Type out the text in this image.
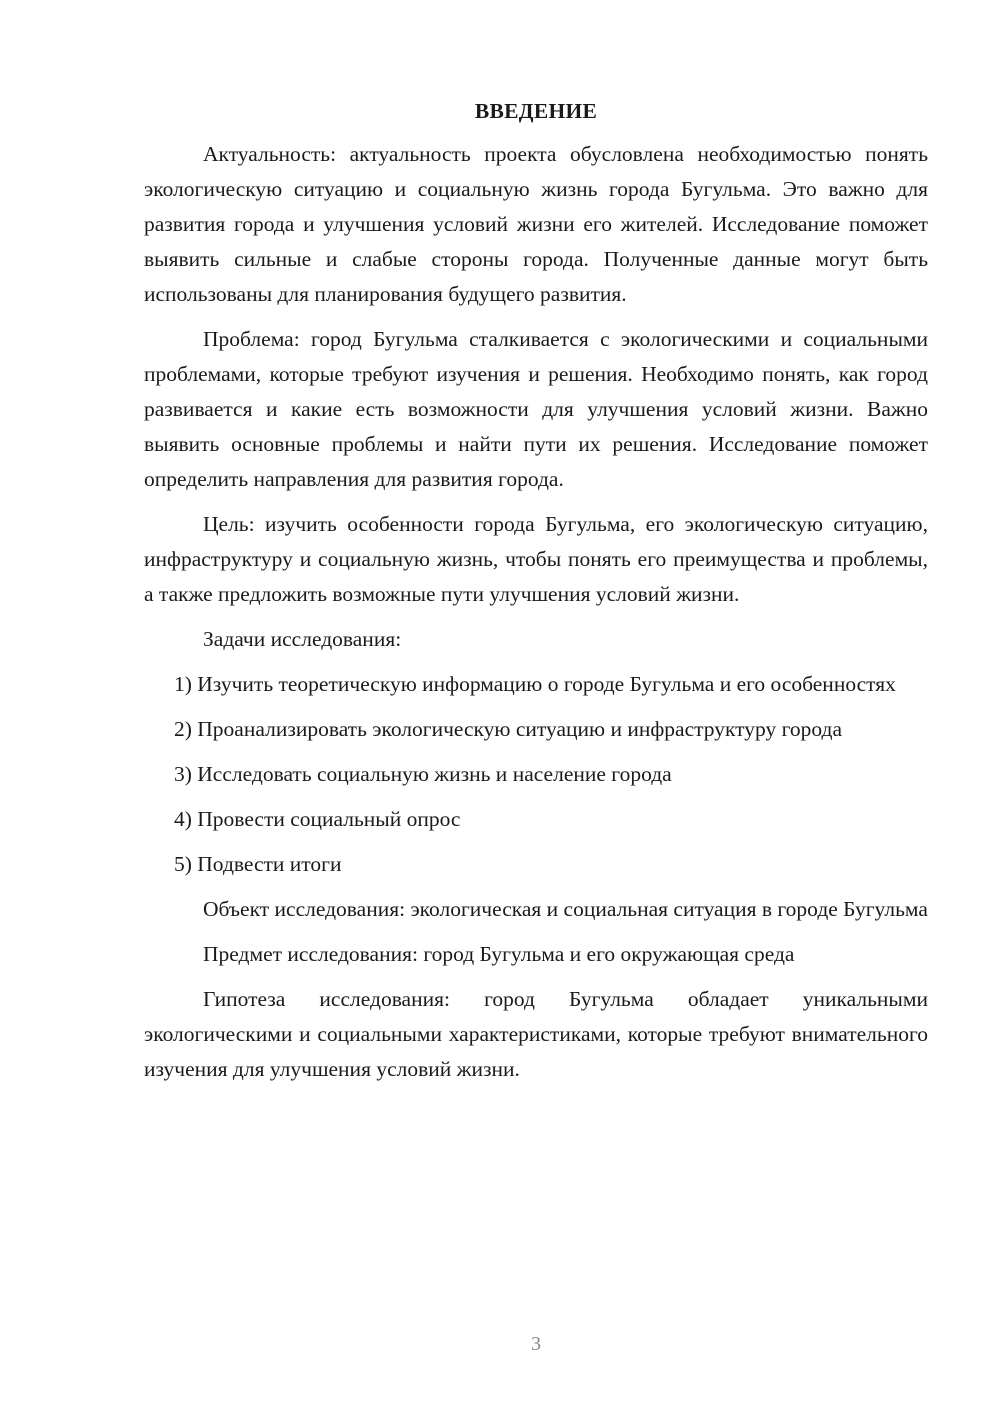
ВВЕДЕНИЕ

Актуальность: актуальность проекта обусловлена необходимостью понять экологическую ситуацию и социальную жизнь города Бугульма. Это важно для развития города и улучшения условий жизни его жителей. Исследование поможет выявить сильные и слабые стороны города. Полученные данные могут быть использованы для планирования будущего развития.

Проблема: город Бугульма сталкивается с экологическими и социальными проблемами, которые требуют изучения и решения. Необходимо понять, как город развивается и какие есть возможности для улучшения условий жизни. Важно выявить основные проблемы и найти пути их решения. Исследование поможет определить направления для развития города.

Цель: изучить особенности города Бугульма, его экологическую ситуацию, инфраструктуру и социальную жизнь, чтобы понять его преимущества и проблемы, а также предложить возможные пути улучшения условий жизни.

Задачи исследования:

1) Изучить теоретическую информацию о городе Бугульма и его особенностях

2) Проанализировать экологическую ситуацию и инфраструктуру города

3) Исследовать социальную жизнь и население города

4) Провести социальный опрос

5) Подвести итоги

Объект исследования: экологическая и социальная ситуация в городе Бугульма

Предмет исследования: город Бугульма и его окружающая среда

Гипотеза исследования: город Бугульма обладает уникальными экологическими и социальными характеристиками, которые требуют внимательного изучения для улучшения условий жизни.

3
